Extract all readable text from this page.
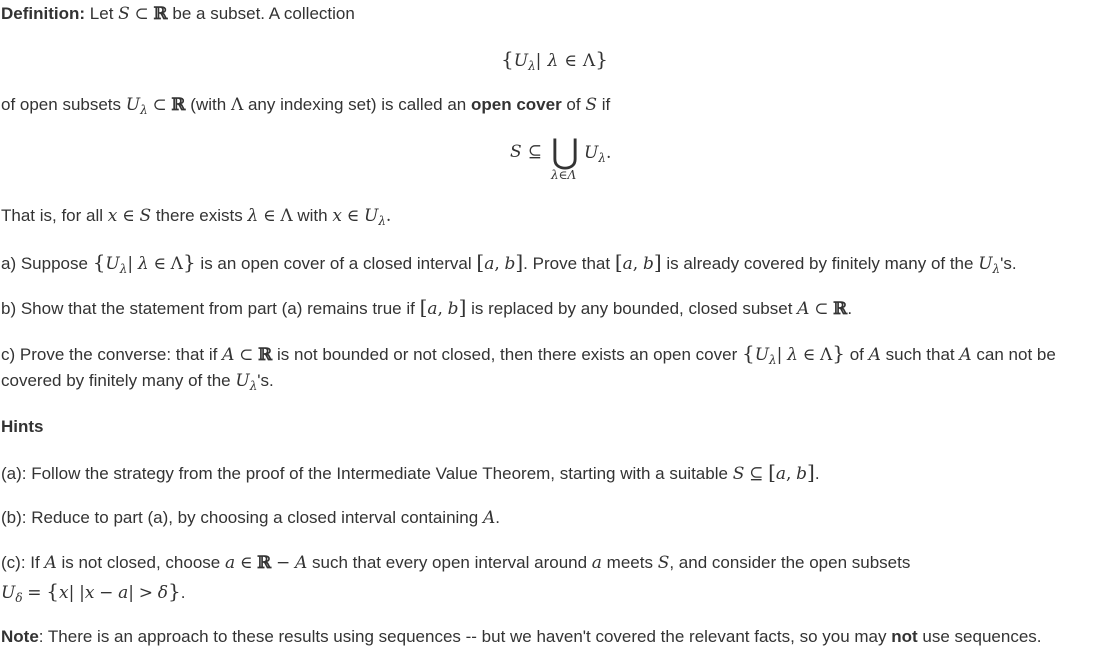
Definition: Let S ⊂ ℝ be a subset. A collection
{$U_\lambda|$ λ ∈ Λ}
of open subsets $U_\lambda$ ⊂ ℝ (with Λ any indexing set) is called an open cover of S if
S ⊆ ⋃
λ∈Λ
$U_\lambda$.
That is, for all x ∈ S there exists λ ∈ Λ with x ∈ $U_\lambda$.
a) Suppose {$U_\lambda|$ λ ∈ Λ} is an open cover of a closed interval [a, b]. Prove that [a, b] is already covered by finitely many of the $U_\lambda's$.
b) Show that the statement from part (a) remains true if [a, b] is replaced by any bounded, closed subset A ⊂ ℝ.
c) Prove the converse: that if A ⊂ ℝ is not bounded or not closed, then there exists an open cover {$U_\lambda|$ λ ∈ Λ} of A such that A can not be
covered by finitely many of the $U_\lambda's$.
Hints
(a): Follow the strategy from the proof of the Intermediate Value Theorem, starting with a suitable S ⊆ [a, b].
(b): Reduce to part (a), by choosing a closed interval containing A.
(c): If A is not closed, choose a ∈ ℝ − A such that every open interval around a meets S, and consider the open subsets
$U_\delta = \{x|$ |x − a| > δ}.
Note: There is an approach to these results using sequences -- but we haven't covered the relevant facts, so you may not use sequences.
